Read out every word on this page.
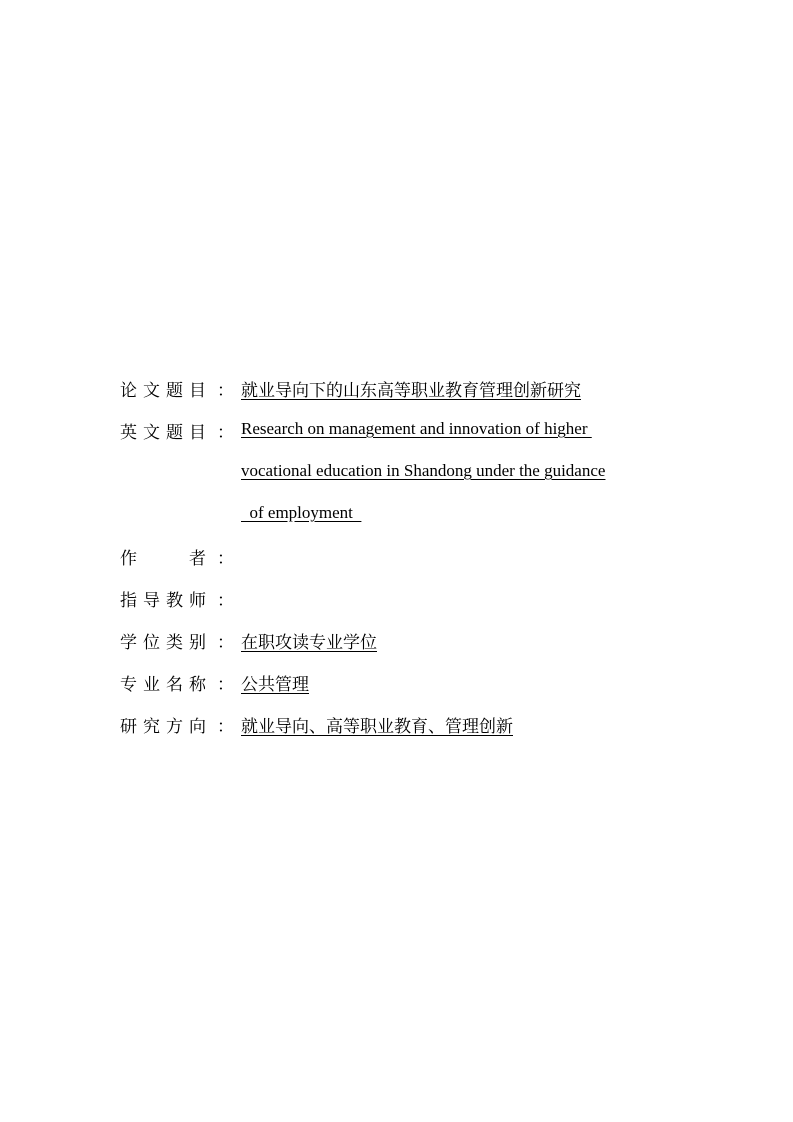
论文题目 ： 就业导向下的山东高等职业教育管理创新研究
英文题目 ： Research on management and innovation of higher
vocational education in Shandong under the guidance
of employment
作	者 ：
指导教师 ：
学位类别 ： 在职攻读专业学位
专业名称 ： 公共管理
研究方向 ： 就业导向、高等职业教育、管理创新
